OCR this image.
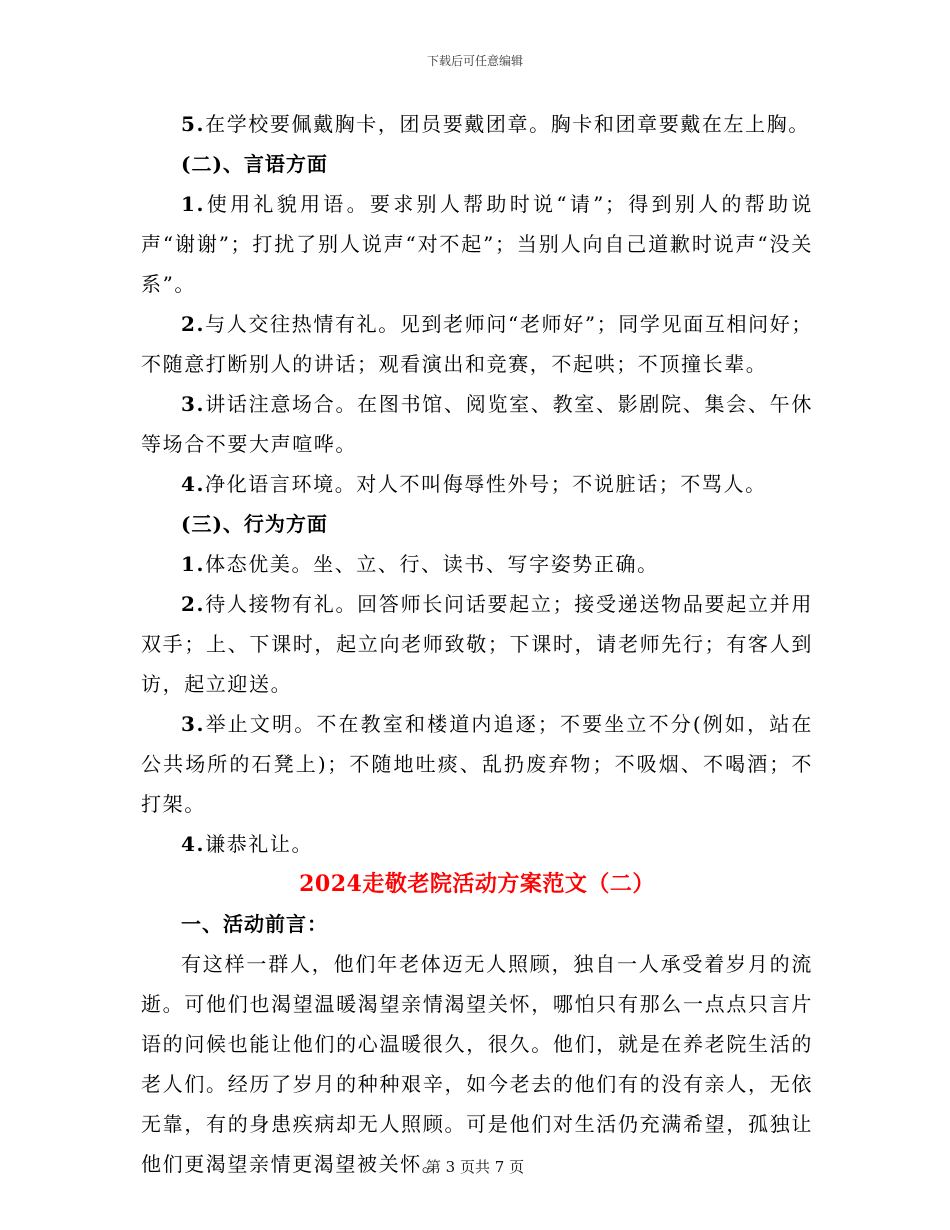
下载后可任意编辑

5.在学校要佩戴胸卡，团员要戴团章。胸卡和团章要戴在左上胸。

(二)、言语方面

1.使用礼貌用语。要求别人帮助时说“请”；得到别人的帮助说声“谢谢”；打扰了别人说声“对不起”；当别人向自己道歉时说声“没关系”。

2.与人交往热情有礼。见到老师问“老师好”；同学见面互相问好；不随意打断别人的讲话；观看演出和竞赛，不起哄；不顶撞长辈。

3.讲话注意场合。在图书馆、阅览室、教室、影剧院、集会、午休等场合不要大声喧哗。

4.净化语言环境。对人不叫侮辱性外号；不说脏话；不骂人。

(三)、行为方面

1.体态优美。坐、立、行、读书、写字姿势正确。

2.待人接物有礼。回答师长问话要起立；接受递送物品要起立并用双手；上、下课时，起立向老师致敬；下课时，请老师先行；有客人到访，起立迎送。

3.举止文明。不在教室和楼道内追逐；不要坐立不分(例如，站在公共场所的石凳上)；不随地吐痰、乱扔废弃物；不吸烟、不喝酒；不打架。

4.谦恭礼让。

2024走敬老院活动方案范文（二）

一、活动前言：

有这样一群人，他们年老体迈无人照顾，独自一人承受着岁月的流逝。可他们也渴望温暖渴望亲情渴望关怀，哪怕只有那么一点点只言片语的问候也能让他们的心温暖很久，很久。他们，就是在养老院生活的老人们。经历了岁月的种种艰辛，如今老去的他们有的没有亲人，无依无靠，有的身患疾病却无人照顾。可是他们对生活仍充满希望，孤独让他们更渴望亲情更渴望被关怀。

第 3 页共 7 页
